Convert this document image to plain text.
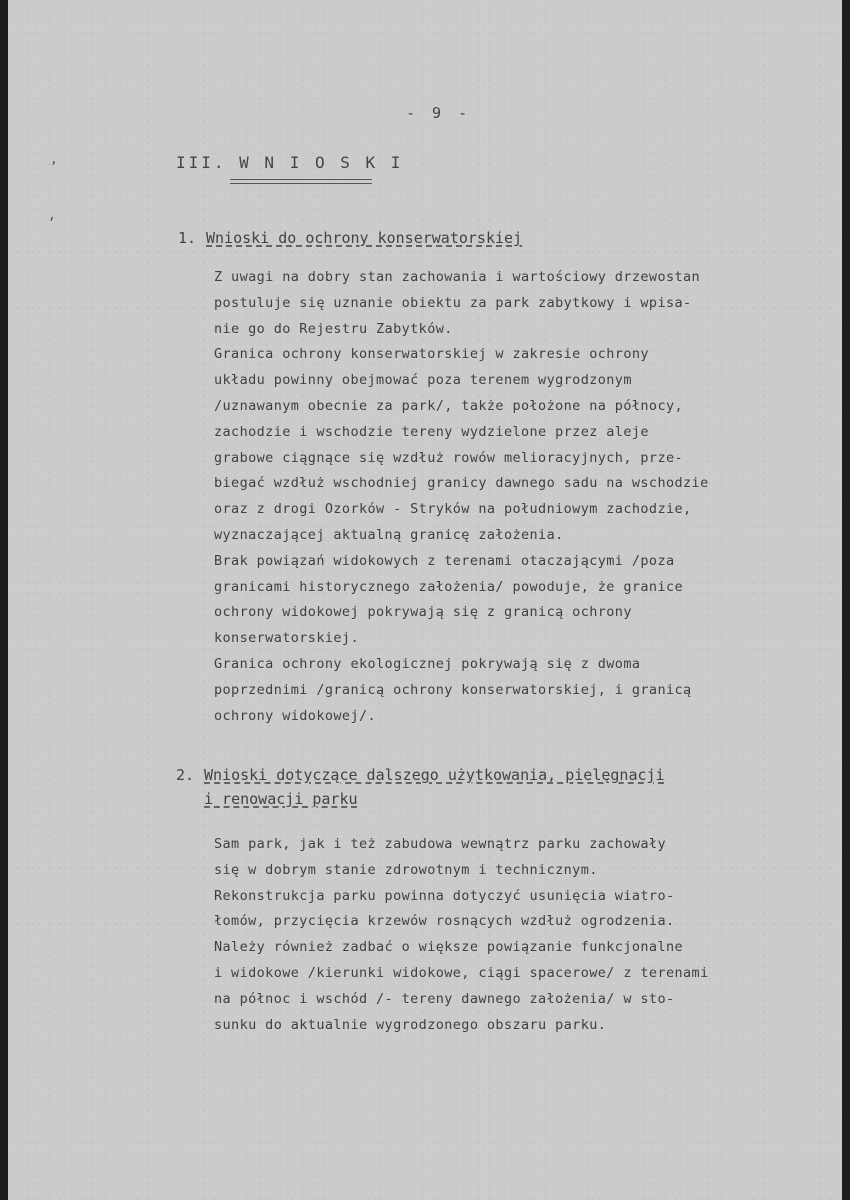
- 9 -
,
,
III. W N I O S K I
1. Wnioski do ochrony konserwatorskiej
Z uwagi na dobry stan zachowania i wartościowy drzewostan
postuluje się uznanie obiektu za park zabytkowy i wpisa-
nie go do Rejestru Zabytków.
Granica ochrony konserwatorskiej w zakresie ochrony
układu powinny obejmować poza terenem wygrodzonym
/uznawanym obecnie za park/, także położone na północy,
zachodzie i wschodzie tereny wydzielone przez aleje
grabowe ciągnące się wzdłuż rowów melioracyjnych, prze-
biegać wzdłuż wschodniej granicy dawnego sadu na wschodzie
oraz z drogi Ozorków - Stryków na południowym zachodzie,
wyznaczającej aktualną granicę założenia.
Brak powiązań widokowych z terenami otaczającymi /poza
granicami historycznego założenia/ powoduje, że granice
ochrony widokowej pokrywają się z granicą ochrony
konserwatorskiej.
Granica ochrony ekologicznej pokrywają się z dwoma
poprzednimi /granicą ochrony konserwatorskiej, i granicą
ochrony widokowej/.
2. Wnioski dotyczące dalszego użytkowania, pielęgnacji
i renowacji parku
Sam park, jak i też zabudowa wewnątrz parku zachowały
się w dobrym stanie zdrowotnym i technicznym.
Rekonstrukcja parku powinna dotyczyć usunięcia wiatro-
łomów, przycięcia krzewów rosnących wzdłuż ogrodzenia.
Należy również zadbać o większe powiązanie funkcjonalne
i widokowe /kierunki widokowe, ciągi spacerowe/ z terenami
na północ i wschód /- tereny dawnego założenia/ w sto-
sunku do aktualnie wygrodzonego obszaru parku.
